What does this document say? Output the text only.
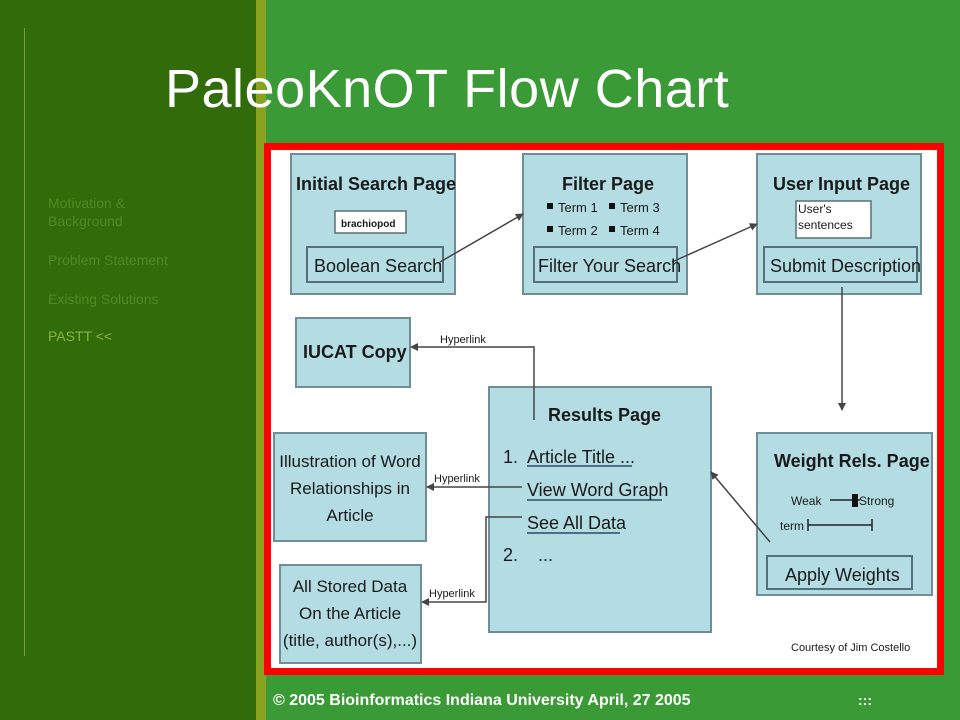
Motivation & Background
Problem Statement
Existing Solutions
PASTT <<
PaleoKnOT Flow Chart
Initial Search Page
brachiopod
Boolean Search
Filter Page
Term 1 Term 3
Term 2 Term 4
Filter Your Search
User Input Page
User's
sentences
Submit Description
IUCAT Copy
Results Page
1. Article Title ...
View Word Graph
See All Data
2.    ...
Weight Rels. Page
Weak	Strong
term
Apply Weights
Illustration of Word
Relationships in
Article
All Stored Data
On the Article
(title, author(s),...)
Hyperlink
Hyperlink
Hyperlink
Courtesy of Jim Costello
© 2005 Bioinformatics Indiana University April, 27 2005	:::
